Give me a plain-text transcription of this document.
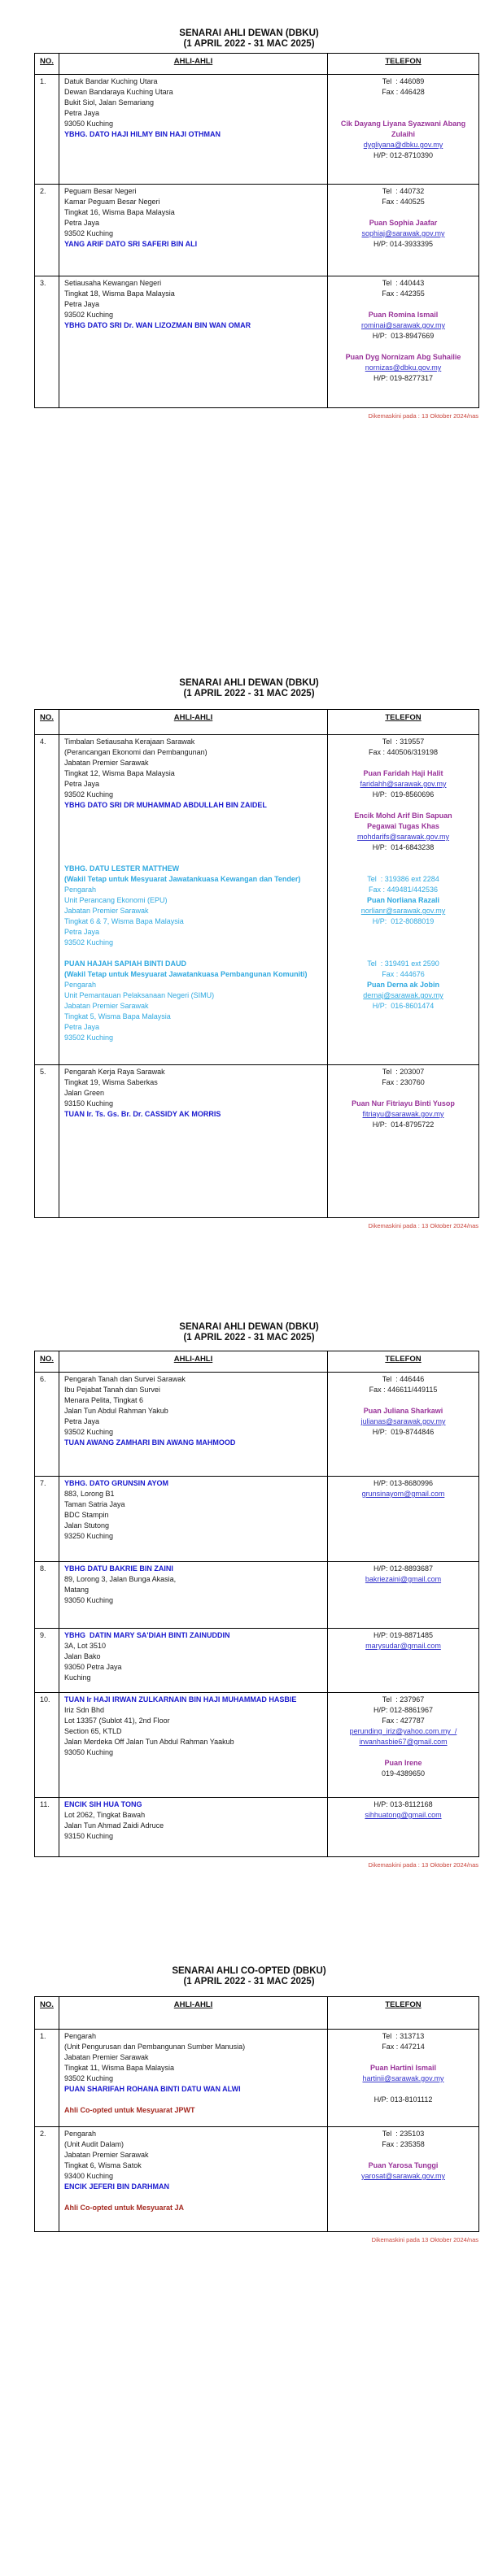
SENARAI AHLI DEWAN (DBKU)
(1 APRIL 2022 - 31 MAC 2025)
NO.	AHLI-AHLI	TELEFON

1.	Datuk Bandar Kuching Utara
Dewan Bandaraya Kuching Utara
Bukit Siol, Jalan Semariang
Petra Jaya
93050 Kuching
YBHG. DATO HAJI HILMY BIN HAJI OTHMAN

Tel  : 446089
Fax : 446428

Cik Dayang Liyana Syazwani Abang Zulaihi
dygliyana@dbku.gov.my
H/P: 012-8710390

2.	Peguam Besar Negeri
Kamar Peguam Besar Negeri
Tingkat 16, Wisma Bapa Malaysia
Petra Jaya
93502 Kuching
YANG ARIF DATO SRI SAFERI BIN ALI

Tel  : 440732
Fax : 440525

Puan Sophia Jaafar
sophiaj@sarawak.gov.my
H/P: 014-3933395

3.	Setiausaha Kewangan Negeri
Tingkat 18, Wisma Bapa Malaysia
Petra Jaya
93502 Kuching
YBHG DATO SRI Dr. WAN LIZOZMAN BIN WAN OMAR

Tel  : 440443
Fax : 442355

Puan Romina Ismail
rominai@sarawak.gov.my
H/P:  013-8947669

Puan Dyg Nornizam Abg Suhailie
nornizas@dbku.gov.my
H/P: 019-8277317
Dikemaskini pada : 13 Oktober 2024/nas
SENARAI AHLI DEWAN (DBKU)
(1 APRIL 2022 - 31 MAC 2025)
NO.	AHLI-AHLI	TELEFON

4.	Timbalan Setiausaha Kerajaan Sarawak
(Perancangan Ekonomi dan Pembangunan)
Jabatan Premier Sarawak
Tingkat 12, Wisma Bapa Malaysia
Petra Jaya
93502 Kuching
YBHG DATO SRI DR MUHAMMAD ABDULLAH BIN ZAIDEL

YBHG. DATU LESTER MATTHEW
(Wakil Tetap untuk Mesyuarat Jawatankuasa Kewangan dan Tender)
Pengarah
Unit Perancang Ekonomi (EPU)
Jabatan Premier Sarawak
Tingkat 6 & 7, Wisma Bapa Malaysia
Petra Jaya
93502 Kuching

PUAN HAJAH SAPIAH BINTI DAUD
(Wakil Tetap untuk Mesyuarat Jawatankuasa Pembangunan Komuniti)
Pengarah
Unit Pemantauan Pelaksanaan Negeri (SIMU)
Jabatan Premier Sarawak
Tingkat 5, Wisma Bapa Malaysia
Petra Jaya
93502 Kuching

Tel  : 319557
Fax : 440506/319198

Puan Faridah Haji Halit
faridahh@sarawak.gov.my
H/P:  019-8560696

Encik Mohd Arif Bin Sapuan
Pegawai Tugas Khas
mohdarifs@sarawak.gov.my
H/P:  014-6843238

Tel  : 319386 ext 2284
Fax : 449481/442536
Puan Norliana Razali
norlianr@sarawak.gov.my
H/P:  012-8088019

Tel  : 319491 ext 2590
Fax : 444676
Puan Derna ak Jobin
dernaj@sarawak.gov.my
H/P:  016-8601474

5.	Pengarah Kerja Raya Sarawak
Tingkat 19, Wisma Saberkas
Jalan Green
93150 Kuching
TUAN Ir. Ts. Gs. Br. Dr. CASSIDY AK MORRIS

Tel  : 203007
Fax : 230760

Puan Nur Fitriayu Binti Yusop
fitriayu@sarawak.gov.my
H/P:  014-8795722
Dikemaskini pada : 13 Oktober 2024/nas
SENARAI AHLI DEWAN (DBKU)
(1 APRIL 2022 - 31 MAC 2025)
NO.	AHLI-AHLI	TELEFON

6.	Pengarah Tanah dan Survei Sarawak
Ibu Pejabat Tanah dan Survei
Menara Pelita, Tingkat 6
Jalan Tun Abdul Rahman Yakub
Petra Jaya
93502 Kuching
TUAN AWANG ZAMHARI BIN AWANG MAHMOOD

Tel  : 446446
Fax : 446611/449115

Puan Juliana Sharkawi
julianas@sarawak.gov.my
H/P:  019-8744846

7.	YBHG. DATO GRUNSIN AYOM
883, Lorong B1
Taman Satria Jaya
BDC Stampin
Jalan Stutong
93250 Kuching

H/P: 013-8680996
grunsinayom@gmail.com

8.	YBHG DATU BAKRIE BIN ZAINI
89, Lorong 3, Jalan Bunga Akasia,
Matang
93050 Kuching

H/P: 012-8893687
bakriezaini@gmail.com

9.	YBHG  DATIN MARY SA'DIAH BINTI ZAINUDDIN
3A, Lot 3510
Jalan Bako
93050 Petra Jaya
Kuching

H/P: 019-8871485
marysudar@gmail.com

10.	TUAN Ir HAJI IRWAN ZULKARNAIN BIN HAJI MUHAMMAD HASBIE
Iriz Sdn Bhd
Lot 13357 (Sublot 41), 2nd Floor
Section 65, KTLD
Jalan Merdeka Off Jalan Tun Abdul Rahman Yaakub
93050 Kuching

Tel  : 237967
H/P: 012-8861967
Fax : 427787
perunding_iriz@yahoo.com.my  /
irwanhasbie67@gmail.com

Puan Irene
019-4389650

11.	ENCIK SIH HUA TONG
Lot 2062, Tingkat Bawah
Jalan Tun Ahmad Zaidi Adruce
93150 Kuching

H/P: 013-8112168
sihhuatong@gmail.com
Dikemaskini pada : 13 Oktober 2024/nas
SENARAI AHLI CO-OPTED (DBKU)
(1 APRIL 2022 - 31 MAC 2025)
NO.	AHLI-AHLI	TELEFON

1.	Pengarah
(Unit Pengurusan dan Pembangunan Sumber Manusia)
Jabatan Premier Sarawak
Tingkat 11, Wisma Bapa Malaysia
93502 Kuching
PUAN SHARIFAH ROHANA BINTI DATU WAN ALWI

Ahli Co-opted untuk Mesyuarat JPWT

Tel  : 313713
Fax : 447214

Puan Hartini Ismail
hartinii@sarawak.gov.my

H/P: 013-8101112

2.	Pengarah
(Unit Audit Dalam)
Jabatan Premier Sarawak
Tingkat 6, Wisma Satok
93400 Kuching
ENCIK JEFERI BIN DARHMAN

Ahli Co-opted untuk Mesyuarat JA

Tel  : 235103
Fax : 235358

Puan Yarosa Tunggi
yarosat@sarawak.gov.my
Dikemaskini pada 13 Oktober 2024/nas
